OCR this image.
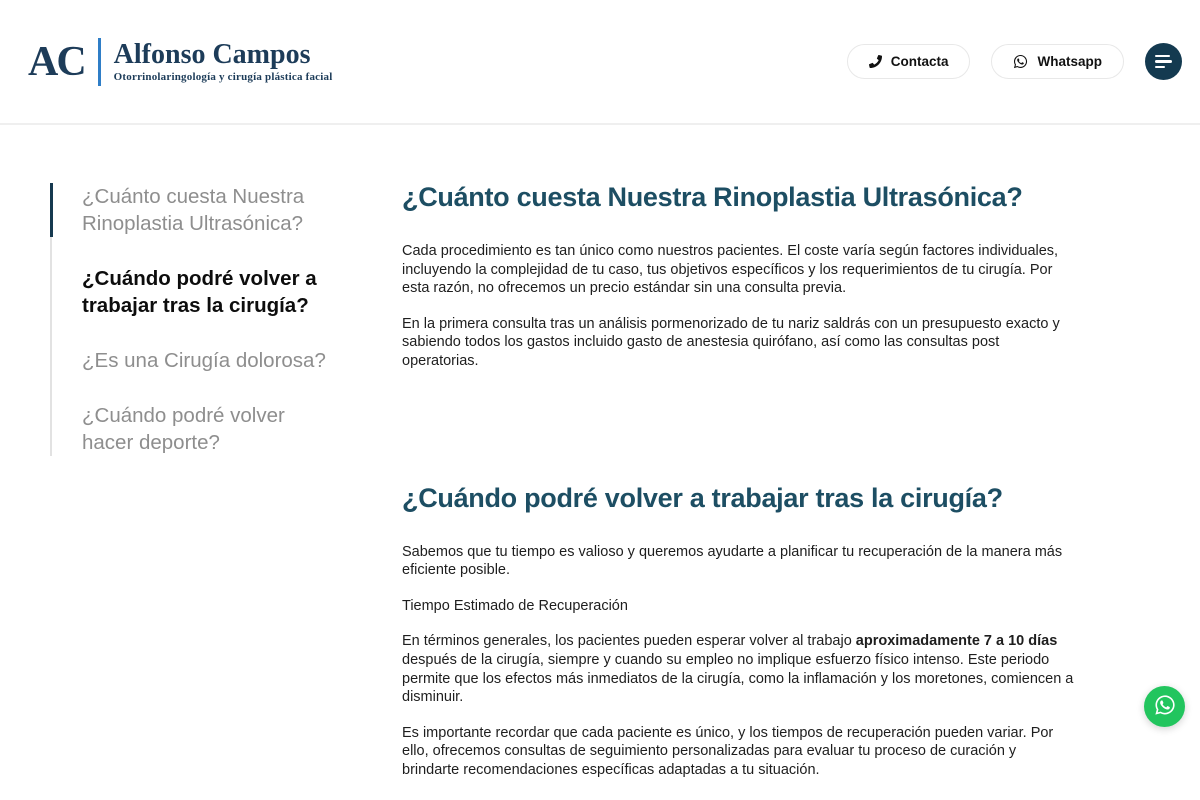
AC Alfonso Campos
Otorrinolaringología y cirugía plástica facial
Contacta	Whatsapp
¿Cuánto cuesta Nuestra Rinoplastia Ultrasónica?
¿Cuándo podré volver a trabajar tras la cirugía?
¿Es una Cirugía dolorosa?
¿Cuándo podré volver hacer deporte?
¿Cuánto cuesta Nuestra Rinoplastia Ultrasónica?

Cada procedimiento es tan único como nuestros pacientes. El coste varía según factores individuales, incluyendo la complejidad de tu caso, tus objetivos específicos y los requerimientos de tu cirugía. Por esta razón, no ofrecemos un precio estándar sin una consulta previa.

En la primera consulta tras un análisis pormenorizado de tu nariz saldrás con un presupuesto exacto y sabiendo todos los gastos incluido gasto de anestesia quirófano, así como las consultas post operatorias.

¿Cuándo podré volver a trabajar tras la cirugía?

Sabemos que tu tiempo es valioso y queremos ayudarte a planificar tu recuperación de la manera más eficiente posible.

Tiempo Estimado de Recuperación

En términos generales, los pacientes pueden esperar volver al trabajo aproximadamente 7 a 10 días después de la cirugía, siempre y cuando su empleo no implique esfuerzo físico intenso. Este periodo permite que los efectos más inmediatos de la cirugía, como la inflamación y los moretones, comiencen a disminuir.

Es importante recordar que cada paciente es único, y los tiempos de recuperación pueden variar. Por ello, ofrecemos consultas de seguimiento personalizadas para evaluar tu proceso de curación y brindarte recomendaciones específicas adaptadas a tu situación.
